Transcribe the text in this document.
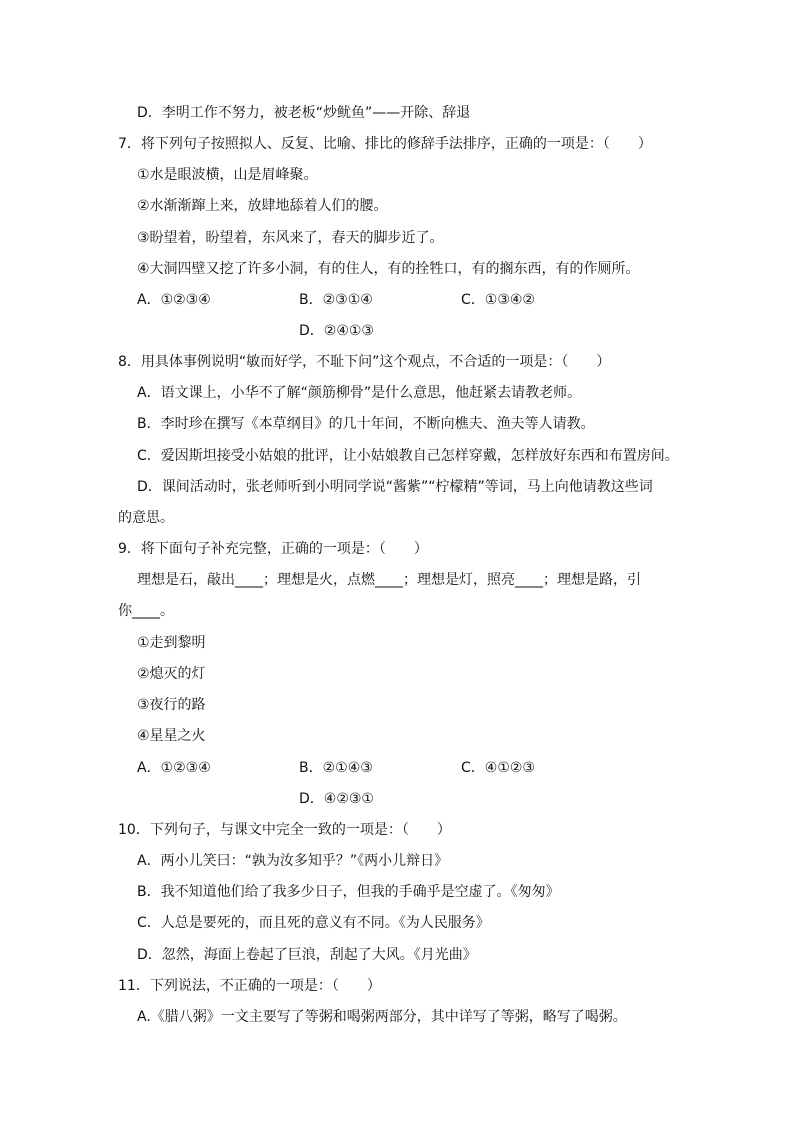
D．李明工作不努力，被老板“炒鱿鱼”——开除、辞退
7．将下列句子按照拟人、反复、比喻、排比的修辞手法排序，正确的一项是：（　　）
①水是眼波横，山是眉峰聚。
②水渐渐蹿上来，放肆地舔着人们的腰。
③盼望着，盼望着，东风来了，春天的脚步近了。
④大洞四壁又挖了许多小洞，有的住人，有的拴牲口，有的搁东西，有的作厕所。
A．①②③④	B．②③①④	C．①③④②
D．②④①③
8．用具体事例说明“敏而好学，不耻下问”这个观点，不合适的一项是：（　　）
A．语文课上，小华不了解“颜筋柳骨”是什么意思，他赶紧去请教老师。
B．李时珍在撰写《本草纲目》的几十年间，不断向樵夫、渔夫等人请教。
C．爱因斯坦接受小姑娘的批评，让小姑娘教自己怎样穿戴，怎样放好东西和布置房间。
D．课间活动时，张老师听到小明同学说“酱紫”“柠檬精”等词，马上向他请教这些词
的意思。
9．将下面句子补充完整，正确的一项是：（　　）
理想是石，敲出____；理想是火，点燃____；理想是灯，照亮____；理想是路，引
你____。
①走到黎明
②熄灭的灯
③夜行的路
④星星之火
A．①②③④	B．②①④③	C．④①②③
D．④②③①
10．下列句子，与课文中完全一致的一项是：（　　）
A．两小儿笑曰：“孰为汝多知乎？”《两小儿辩日》
B．我不知道他们给了我多少日子，但我的手确乎是空虚了。《匆匆》
C．人总是要死的，而且死的意义有不同。《为人民服务》
D．忽然，海面上卷起了巨浪，刮起了大风。《月光曲》
11．下列说法，不正确的一项是：（　　）
A.《腊八粥》一文主要写了等粥和喝粥两部分，其中详写了等粥，略写了喝粥。
